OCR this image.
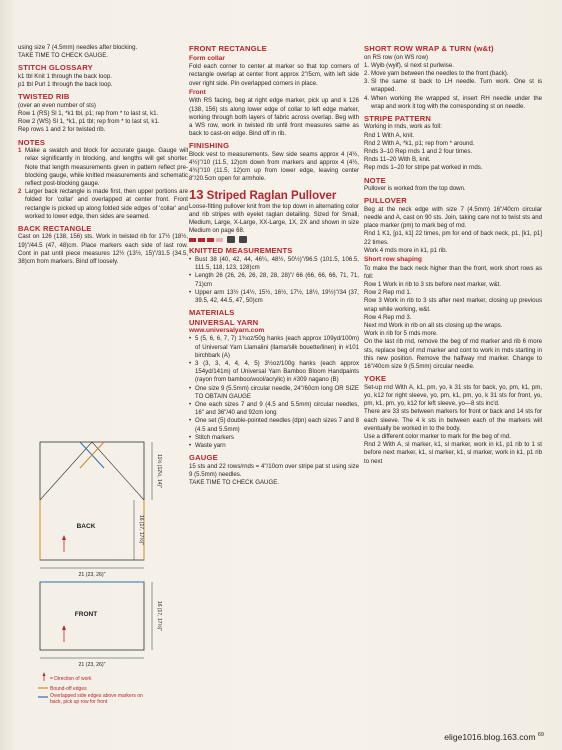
using size 7 (4.5mm) needles after blocking.

TAKE TIME TO CHECK GAUGE.

STITCH GLOSSARY

k1 tbl Knit 1 through the back loop.

p1 tbl Purl 1 through the back loop.

TWISTED RIB

(over an even number of sts)

Row 1 (RS) Sl 1, *k1 tbl, p1; rep from * to last st, k1.

Row 2 (WS) Sl 1, *k1, p1 tbl; rep from * to last st, k1.

Rep rows 1 and 2 for twisted rib.

NOTES
1 Make a swatch and block for accurate gauge. Gauge will relax significantly in blocking, and lengths will get shorter. Note that length measurements given in pattern reflect pre-blocking gauge, while knitted measurements and schematic reflect post-blocking gauge.
2 Larger back rectangle is made first, then upper portions are folded for 'collar' and overlapped at center front. Front rectangle is picked up along folded side edges of 'collar' and worked to lower edge, then sides are seamed.
BACK RECTANGLE

Cast on 126 (138, 156) sts. Work in twisted rib for 17½ (18½, 19)"/44.5 (47, 48)cm. Place markers each side of last row. Cont in pat until piece measures 12½ (13½, 15)"/31.5 (34.5, 38)cm from markers. Bind off loosely.

BACK
21 (23, 26)"
11½ (12½, 14)"
16 (17, 17½)"
FRONT
21 (23, 26)"
16 (17, 17½)"
= Direction of work
Bound-off edges
Overlapped side edges above markers on back, pick up row for front
FRONT RECTANGLE
Form collar

Fold each corner to center at marker so that top corners of rectangle overlap at center front approx 2"/5cm, with left side over right side. Pin overlapped corners in place.

Front

With RS facing, beg at right edge marker, pick up and k 126 (138, 156) sts along lower edge of collar to left edge marker, working through both layers of fabric across overlap. Beg with a WS row, work in twisted rib until front measures same as back to cast-on edge. Bind off in rib.

FINISHING

Block vest to measurements. Sew side seams approx 4 (4½, 4½)"/10 (11.5, 12)cm down from markers and approx 4 (4½, 4¾)"/10 (11.5, 12)cm up from lower edge, leaving center 8"/20.5cm open for armhole.

13 Striped Raglan Pullover

Loose-fitting pullover knit from the top down in alternating color and rib stripes with eyelet raglan detailing. Sized for Small, Medium, Large, X-Large, XX-Large, 1X, 2X and shown in size Medium on page 68.

KNITTED MEASUREMENTS
• Bust 38 (40, 42, 44, 46¼, 48½, 50½)"/96.5 (101.5, 106.5, 111.5, 118, 123, 128)cm
• Length 26 (26, 26, 26, 28, 28, 28)"/ 66 (66, 66, 66, 71, 71, 71)cm
• Upper arm 13½ (14½, 15½, 16½, 17½, 18½, 19½)"/34 (37, 39.5, 42, 44.5, 47, 50)cm
MATERIALS
UNIVERSAL YARN
www.universalyarn.com
• 5 (5, 6, 6, 7, 7) 1¾oz/50g hanks (each approx 109yd/100m) of Universal Yarn Llamalini (llama/silk bouette/linen) in #101 birchbark (A)
• 3 (3, 3, 4, 4, 4, 5) 3½oz/100g hanks (each approx 154yd/141m) of Universal Yarn Bamboo Bloom Handpaints (rayon from bamboo/wool/acrylic) in #309 nagano (B)
• One size 9 (5.5mm) circular needle, 24"/60cm long OR SIZE TO OBTAIN GAUGE
• One each sizes 7 and 9 (4.5 and 5.5mm) circular needles, 16" and 36"/40 and 92cm long
• One set (5) double-pointed needles (dpn) each sizes 7 and 8 (4.5 and 5.5mm)
• Stitch markers
• Waste yarn
GAUGE

15 sts and 22 rows/rnds = 4"/10cm over stripe pat st using size 9 (5.5mm) needles.

TAKE TIME TO CHECK GAUGE.

SHORT ROW WRAP & TURN (w&t)

on RS row (on WS row)

1. Wyib (wyif), sl next st purlwise.
2. Move yarn between the needles to the front (back).
3. Sl the same st back to LH needle. Turn work. One st is wrapped.
4. When working the wrapped st, insert RH needle under the wrap and work it tog with the corresponding st on needle.
STRIPE PATTERN

Working in rnds, work as foll:

Rnd 1 With A, knit.

Rnd 2 With A, *k1, p1; rep from * around.

Rnds 3–10 Rep rnds 1 and 2 four times.

Rnds 11–20 With B, knit.

Rep rnds 1–20 for stripe pat worked in rnds.

NOTE

Pullover is worked from the top down.

PULLOVER

Beg at the neck edge with size 7 (4.5mm) 16"/40cm circular needle and A, cast on 90 sts. Join, taking care not to twist sts and place marker (pm) to mark beg of rnd.

Rnd 1 K1, [p1, k1] 22 times, pm for end of back neck, p1, [k1, p1] 22 times.

Work 4 rnds more in k1, p1 rib.

Short row shaping

To make the back neck higher than the front, work short rows as foll:

Row 1 Work in rib to 3 sts before next marker, w&t.

Row 2 Rep rnd 1.

Row 3 Work in rib to 3 sts after next marker, closing up previous wrap while working, w&t.

Row 4 Rep rnd 3.

Next rnd Work in rib on all sts closing up the wraps.

Work in rib for 5 rnds more.

On the last rib rnd, remove the beg of rnd marker and rib 6 more sts, replace beg of rnd marker and cont to work in rnds starting in this new position. Remove the halfway rnd marker. Change to 16"/40cm size 9 (5.5mm) circular needle.

YOKE

Set-up rnd With A, k1, pm, yo, k 31 sts for back, yo, pm, k1, pm, yo, k12 for right sleeve, yo, pm, k1, pm, yo, k 31 sts for front, yo, pm, k1, pm, yo, k12 for left sleeve, yo—8 sts inc'd.

There are 33 sts between markers for front or back and 14 sts for each sleeve. The 4 k sts in between each of the markers will eventually be worked in to the body.

Use a different color marker to mark for the beg of rnd.

Rnd 2 With A, sl marker, k1, sl marker, work in k1, p1 rib to 1 st before next marker, k1, sl marker, k1, sl marker, work in k1, p1 rib to next

elige1016.blog.163.com $^{69}$
